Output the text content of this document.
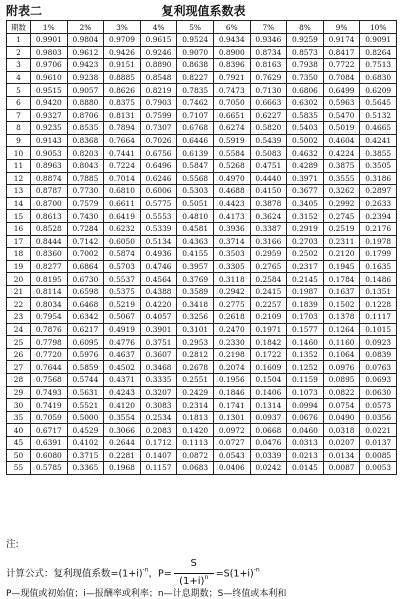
附表二	复利现值系数表
期数	1%	2%	3%	4%	5%	6%	7%	8%	9%	10%
1	0.9901	0.9804	0.9709	0.9615	0.9524	0.9434	0.9346	0.9259	0.9174	0.9091
2	0.9803	0.9612	0.9426	0.9246	0.9070	0.8900	0.8734	0.8573	0.8417	0.8264
3	0.9706	0.9423	0.9151	0.8890	0.8638	0.8396	0.8163	0.7938	0.7722	0.7513
4	0.9610	0.9238	0.8885	0.8548	0.8227	0.7921	0.7629	0.7350	0.7084	0.6830
5	0.9515	0.9057	0.8626	0.8219	0.7835	0.7473	0.7130	0.6806	0.6499	0.6209
6	0.9420	0.8880	0.8375	0.7903	0.7462	0.7050	0.6663	0.6302	0.5963	0.5645
7	0.9327	0.8706	0.8131	0.7599	0.7107	0.6651	0.6227	0.5835	0.5470	0.5132
8	0.9235	0.8535	0.7894	0.7307	0.6768	0.6274	0.5820	0.5403	0.5019	0.4665
9	0.9143	0.8368	0.7664	0.7026	0.6446	0.5919	0.5439	0.5002	0.4604	0.4241
10	0.9053	0.8203	0.7441	0.6756	0.6139	0.5584	0.5083	0.4632	0.4224	0.3855
11	0.8963	0.8043	0.7224	0.6496	0.5847	0.5268	0.4751	0.4289	0.3875	0.3505
12	0.8874	0.7885	0.7014	0.6246	0.5568	0.4970	0.4440	0.3971	0.3555	0.3186
13	0.8787	0.7730	0.6810	0.6006	0.5303	0.4688	0.4150	0.3677	0.3262	0.2897
14	0.8700	0.7579	0.6611	0.5775	0.5051	0.4423	0.3878	0.3405	0.2992	0.2633
15	0.8613	0.7430	0.6419	0.5553	0.4810	0.4173	0.3624	0.3152	0.2745	0.2394
16	0.8528	0.7284	0.6232	0.5339	0.4581	0.3936	0.3387	0.2919	0.2519	0.2176
17	0.8444	0.7142	0.6050	0.5134	0.4363	0.3714	0.3166	0.2703	0.2311	0.1978
18	0.8360	0.7002	0.5874	0.4936	0.4155	0.3503	0.2959	0.2502	0.2120	0.1799
19	0.8277	0.6864	0.5703	0.4746	0.3957	0.3305	0.2765	0.2317	0.1945	0.1635
20	0.8195	0.6730	0.5537	0.4564	0.3769	0.3118	0.2584	0.2145	0.1784	0.1486
21	0.8114	0.6598	0.5375	0.4388	0.3589	0.2942	0.2415	0.1987	0.1637	0.1351
22	0.8034	0.6468	0.5219	0.4220	0.3418	0.2775	0.2257	0.1839	0.1502	0.1228
23	0.7954	0.6342	0.5067	0.4057	0.3256	0.2618	0.2109	0.1703	0.1378	0.1117
24	0.7876	0.6217	0.4919	0.3901	0.3101	0.2470	0.1971	0.1577	0.1264	0.1015
25	0.7798	0.6095	0.4776	0.3751	0.2953	0.2330	0.1842	0.1460	0.1160	0.0923
26	0.7720	0.5976	0.4637	0.3607	0.2812	0.2198	0.1722	0.1352	0.1064	0.0839
27	0.7644	0.5859	0.4502	0.3468	0.2678	0.2074	0.1609	0.1252	0.0976	0.0763
28	0.7568	0.5744	0.4371	0.3335	0.2551	0.1956	0.1504	0.1159	0.0895	0.0693
29	0.7493	0.5631	0.4243	0.3207	0.2429	0.1846	0.1406	0.1073	0.0822	0.0630
30	0.7419	0.5521	0.4120	0.3083	0.2314	0.1741	0.1314	0.0994	0.0754	0.0573
35	0.7059	0.5000	0.3554	0.2534	0.1813	0.1301	0.0937	0.0676	0.0490	0.0356
40	0.6717	0.4529	0.3066	0.2083	0.1420	0.0972	0.0668	0.0460	0.0318	0.0221
45	0.6391	0.4102	0.2644	0.1712	0.1113	0.0727	0.0476	0.0313	0.0207	0.0137
50	0.6080	0.3715	0.2281	0.1407	0.0872	0.0543	0.0339	0.0213	0.0134	0.0085
55	0.5785	0.3365	0.1968	0.1157	0.0683	0.0406	0.0242	0.0145	0.0087	0.0053
注:
计算公式：复利现值系数$=(1+i)^{-n}$，$P= \frac{S}{(1+i)^n} =S(1+i)^{-n}$
P—现值或初始值；i—报酬率或利率；n—计息期数；S—终值或本利和
